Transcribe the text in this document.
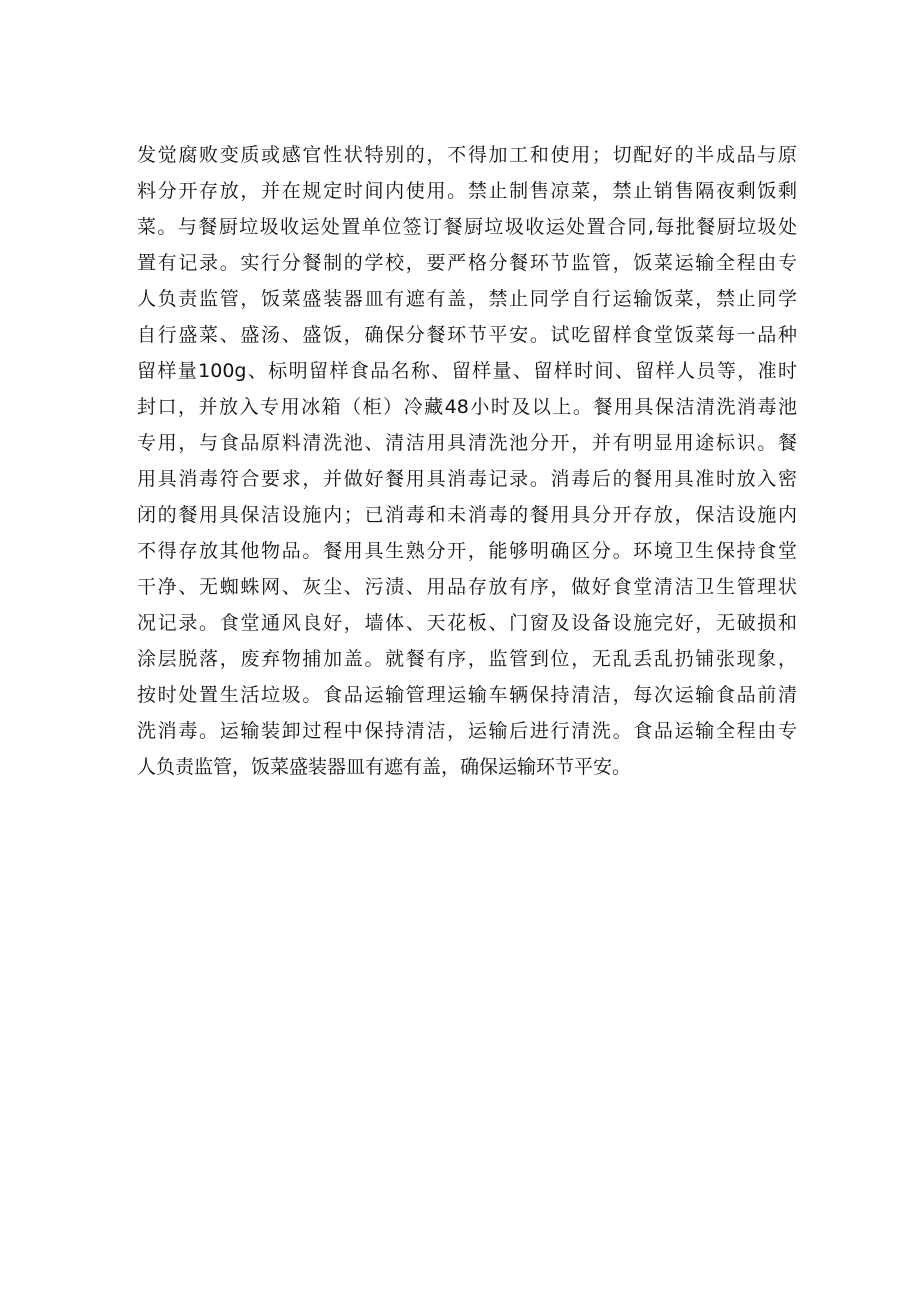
发觉腐败变质或感官性状特别的，不得加工和使用；切配好的半成品与原
料分开存放，并在规定时间内使用。禁止制售凉菜，禁止销售隔夜剩饭剩
菜。与餐厨垃圾收运处置单位签订餐厨垃圾收运处置合同,每批餐厨垃圾处
置有记录。实行分餐制的学校，要严格分餐环节监管，饭菜运输全程由专
人负责监管，饭菜盛装器皿有遮有盖，禁止同学自行运输饭菜，禁止同学
自行盛菜、盛汤、盛饭，确保分餐环节平安。试吃留样食堂饭菜每一品种
留样量100g、标明留样食品名称、留样量、留样时间、留样人员等，准时
封口，并放入专用冰箱（柜）冷藏48小时及以上。餐用具保洁清洗消毒池
专用，与食品原料清洗池、清洁用具清洗池分开，并有明显用途标识。餐
用具消毒符合要求，并做好餐用具消毒记录。消毒后的餐用具准时放入密
闭的餐用具保洁设施内；已消毒和未消毒的餐用具分开存放，保洁设施内
不得存放其他物品。餐用具生熟分开，能够明确区分。环境卫生保持食堂
干净、无蜘蛛网、灰尘、污渍、用品存放有序，做好食堂清洁卫生管理状
况记录。食堂通风良好，墙体、天花板、门窗及设备设施完好，无破损和
涂层脱落，废弃物捕加盖。就餐有序，监管到位，无乱丢乱扔铺张现象，
按时处置生活垃圾。食品运输管理运输车辆保持清洁，每次运输食品前清
洗消毒。运输装卸过程中保持清洁，运输后进行清洗。食品运输全程由专
人负责监管，饭菜盛装器皿有遮有盖，确保运输环节平安。
